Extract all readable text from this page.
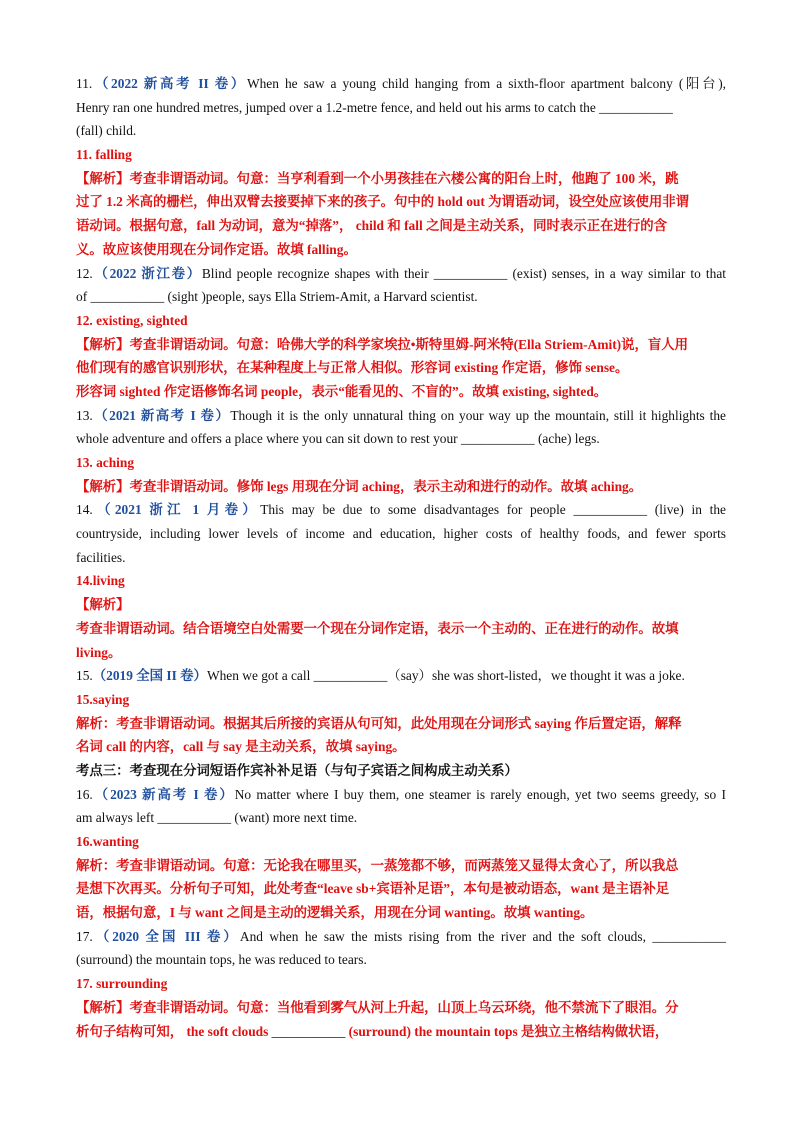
11.（2022 新高考 II 卷）When he saw a young child hanging from a sixth-floor apartment balcony (阳台),
Henry ran one hundred metres, jumped over a 1.2-metre fence, and held out his arms to catch the ___________
(fall) child.
11. falling
【解析】考查非谓语动词。句意：当亨利看到一个小男孩挂在六楼公寓的阳台上时，他跑了 100 米，跳
过了 1.2 米高的栅栏，伸出双臂去接要掉下来的孩子。句中的 hold out 为谓语动词，设空处应该使用非谓
语动词。根据句意，fall 为动词，意为“掉落”， child 和 fall 之间是主动关系，同时表示正在进行的含
义。故应该使用现在分词作定语。故填 falling。
12.（2022 浙江卷）Blind people recognize shapes with their ___________ (exist) senses, in a way similar to that
of ___________ (sight )people, says Ella Striem-Amit, a Harvard scientist.
12. existing, sighted
【解析】考查非谓语动词。句意：哈佛大学的科学家埃拉•斯特里姆-阿米特(Ella Striem-Amit)说，盲人用
他们现有的感官识别形状，在某种程度上与正常人相似。形容词 existing 作定语，修饰 sense。
形容词 sighted 作定语修饰名词 people，表示“能看见的、不盲的”。故填 existing, sighted。
13.（2021 新高考 I 卷）Though it is the only unnatural thing on your way up the mountain, still it highlights the
whole adventure and offers a place where you can sit down to rest your ___________ (ache) legs.
13. aching
【解析】考查非谓语动词。修饰 legs 用现在分词 aching，表示主动和进行的动作。故填 aching。
14.（2021 浙江 1 月卷）This may be due to some disadvantages for people ___________ (live) in the
countryside, including lower levels of income and education, higher costs of healthy foods, and fewer sports
facilities.
14.living
【解析】
考查非谓语动词。结合语境空白处需要一个现在分词作定语，表示一个主动的、正在进行的动作。故填
living。
15.（2019 全国 II 卷）When we got a call ___________（say）she was short-listed，we thought it was a joke.
15.saying
解析：考查非谓语动词。根据其后所接的宾语从句可知，此处用现在分词形式 saying 作后置定语，解释
名词 call 的内容，call 与 say 是主动关系，故填 saying。
考点三：考查现在分词短语作宾补补足语（与句子宾语之间构成主动关系）
16.（2023 新高考 I 卷）No matter where I buy them, one steamer is rarely enough, yet two seems greedy, so I
am always left ___________ (want) more next time.
16.wanting
解析：考查非谓语动词。句意：无论我在哪里买，一蒸笼都不够，而两蒸笼又显得太贪心了，所以我总
是想下次再买。分析句子可知，此处考查“leave sb+宾语补足语”，本句是被动语态，want 是主语补足
语，根据句意，I 与 want 之间是主动的逻辑关系，用现在分词 wanting。故填 wanting。
17.（2020 全国 III 卷）And when he saw the mists rising from the river and the soft clouds, ___________
(surround) the mountain tops, he was reduced to tears.
17. surrounding
【解析】考查非谓语动词。句意：当他看到雾气从河上升起，山顶上乌云环绕，他不禁流下了眼泪。分
析句子结构可知， the soft clouds ___________ (surround) the mountain tops 是独立主格结构做状语，
